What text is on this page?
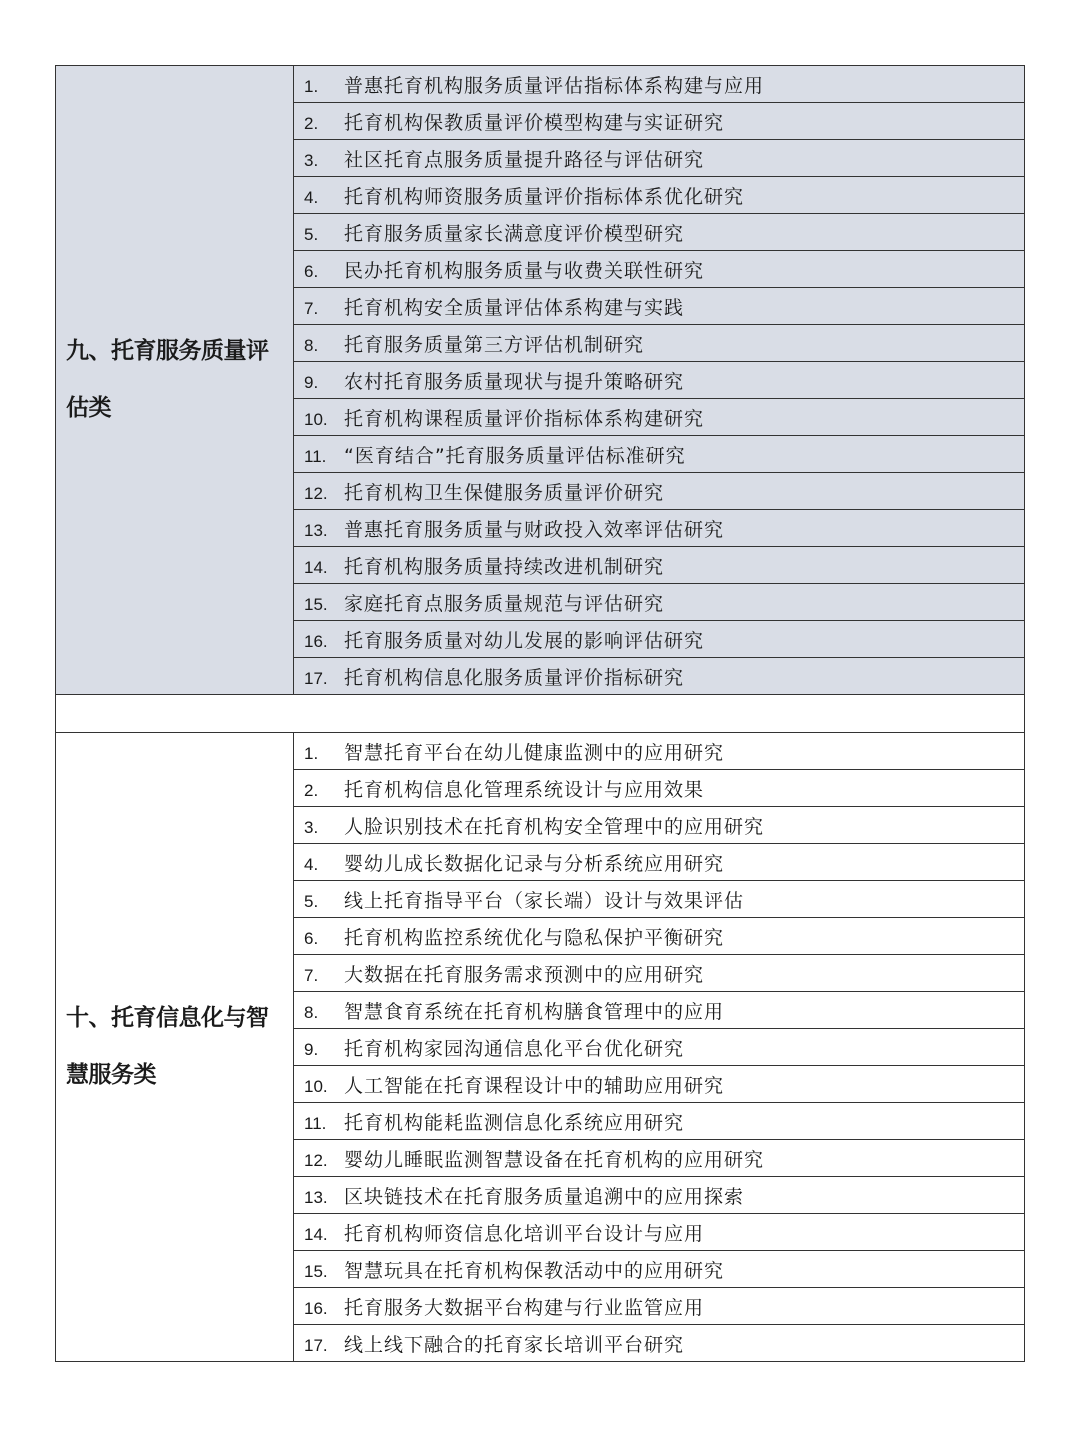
九、托育服务质量评估类	1. 普惠托育机构服务质量评估指标体系构建与应用
	2. 托育机构保教质量评价模型构建与实证研究
	3. 社区托育点服务质量提升路径与评估研究
	4. 托育机构师资服务质量评价指标体系优化研究
	5. 托育服务质量家长满意度评价模型研究
	6. 民办托育机构服务质量与收费关联性研究
	7. 托育机构安全质量评估体系构建与实践
	8. 托育服务质量第三方评估机制研究
	9. 农村托育服务质量现状与提升策略研究
	10. 托育机构课程质量评价指标体系构建研究
	11. “医育结合”托育服务质量评估标准研究
	12. 托育机构卫生保健服务质量评价研究
	13. 普惠托育服务质量与财政投入效率评估研究
	14. 托育机构服务质量持续改进机制研究
	15. 家庭托育点服务质量规范与评估研究
	16. 托育服务质量对幼儿发展的影响评估研究
	17. 托育机构信息化服务质量评价指标研究

十、托育信息化与智慧服务类	1. 智慧托育平台在幼儿健康监测中的应用研究
	2. 托育机构信息化管理系统设计与应用效果
	3. 人脸识别技术在托育机构安全管理中的应用研究
	4. 婴幼儿成长数据化记录与分析系统应用研究
	5. 线上托育指导平台（家长端）设计与效果评估
	6. 托育机构监控系统优化与隐私保护平衡研究
	7. 大数据在托育服务需求预测中的应用研究
	8. 智慧食育系统在托育机构膳食管理中的应用
	9. 托育机构家园沟通信息化平台优化研究
	10. 人工智能在托育课程设计中的辅助应用研究
	11. 托育机构能耗监测信息化系统应用研究
	12. 婴幼儿睡眠监测智慧设备在托育机构的应用研究
	13. 区块链技术在托育服务质量追溯中的应用探索
	14. 托育机构师资信息化培训平台设计与应用
	15. 智慧玩具在托育机构保教活动中的应用研究
	16. 托育服务大数据平台构建与行业监管应用
	17. 线上线下融合的托育家长培训平台研究
